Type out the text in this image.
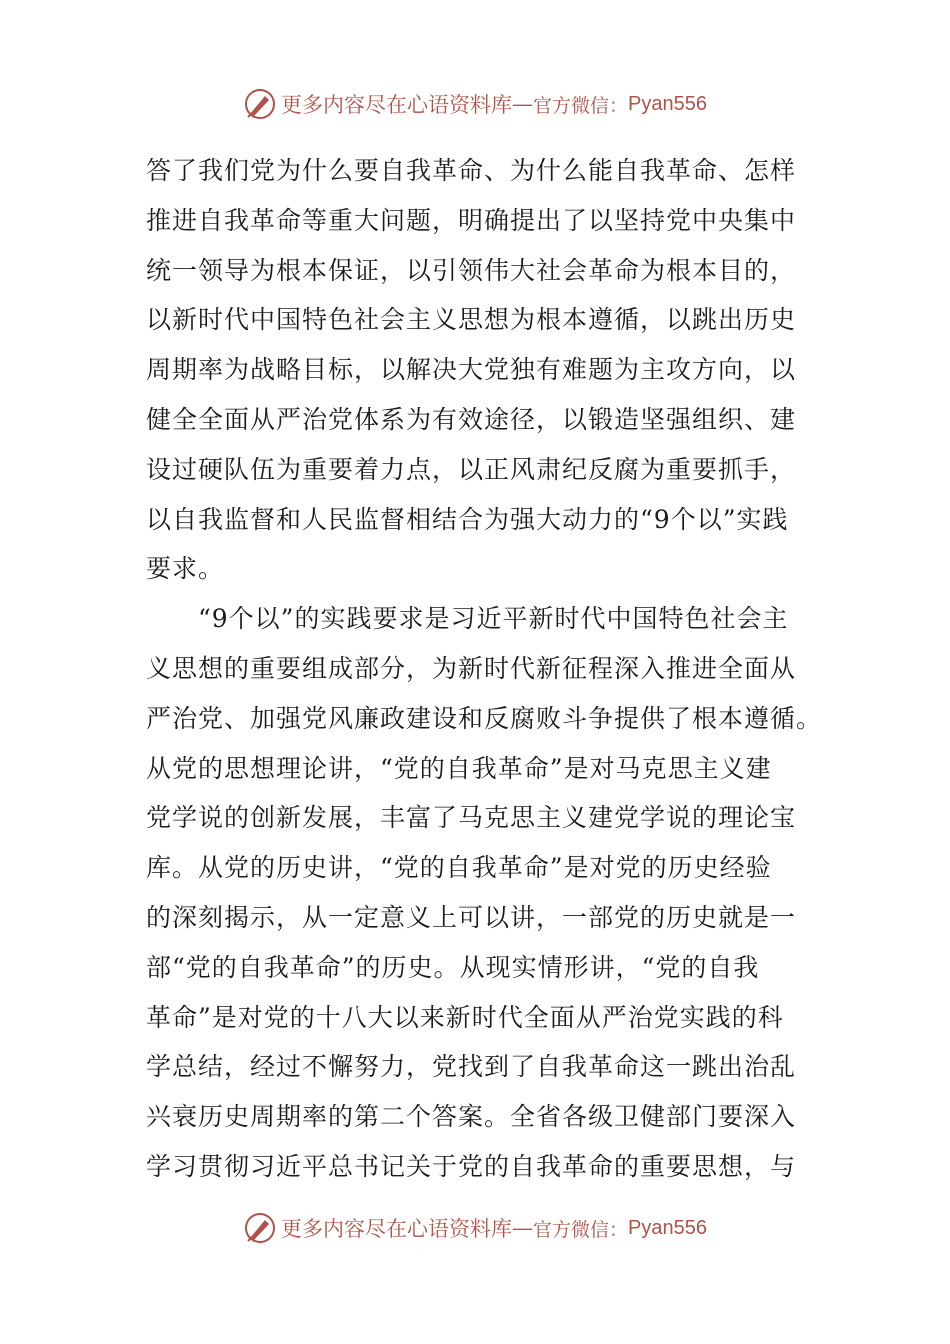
更多内容尽在心语资料库 — 官方微信： Pyan556
答了我们党为什么要自我革命、为什么能自我革命、怎样
推进自我革命等重大问题，明确提出了以坚持党中央集中
统一领导为根本保证，以引领伟大社会革命为根本目的，
以新时代中国特色社会主义思想为根本遵循，以跳出历史
周期率为战略目标，以解决大党独有难题为主攻方向，以
健全全面从严治党体系为有效途径，以锻造坚强组织、建
设过硬队伍为重要着力点，以正风肃纪反腐为重要抓手，
以自我监督和人民监督相结合为强大动力的“9个以”实践
要求。
　　“9个以”的实践要求是习近平新时代中国特色社会主
义思想的重要组成部分，为新时代新征程深入推进全面从
严治党、加强党风廉政建设和反腐败斗争提供了根本遵循。
从党的思想理论讲，“党的自我革命”是对马克思主义建
党学说的创新发展，丰富了马克思主义建党学说的理论宝
库。从党的历史讲，“党的自我革命”是对党的历史经验
的深刻揭示，从一定意义上可以讲，一部党的历史就是一
部“党的自我革命”的历史。从现实情形讲，“党的自我
革命”是对党的十八大以来新时代全面从严治党实践的科
学总结，经过不懈努力，党找到了自我革命这一跳出治乱
兴衰历史周期率的第二个答案。全省各级卫健部门要深入
学习贯彻习近平总书记关于党的自我革命的重要思想，与
更多内容尽在心语资料库 — 官方微信： Pyan556
